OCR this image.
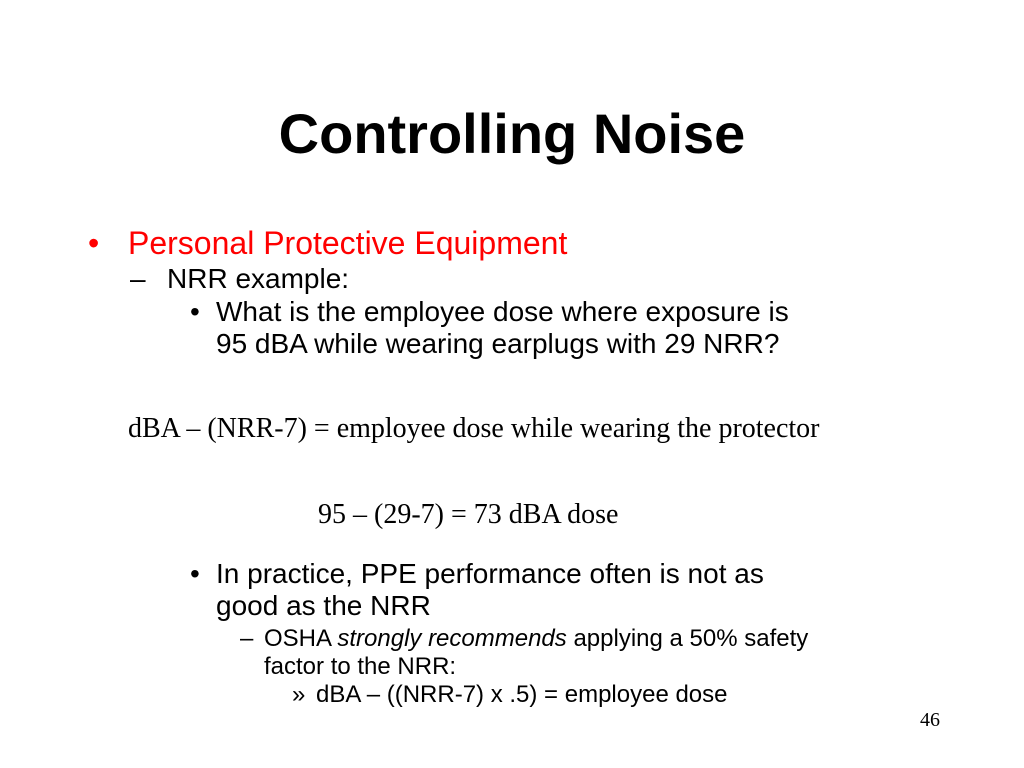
Controlling Noise
• Personal Protective Equipment
– NRR example:
• What is the employee dose where exposure is
95 dBA while wearing earplugs with 29 NRR?
dBA – (NRR-7) = employee dose while wearing the protector
95 – (29-7) = 73 dBA dose
• In practice, PPE performance often is not as
good as the NRR
– OSHA strongly recommends applying a 50% safety
factor to the NRR:
» dBA – ((NRR-7) x .5) = employee dose
46
